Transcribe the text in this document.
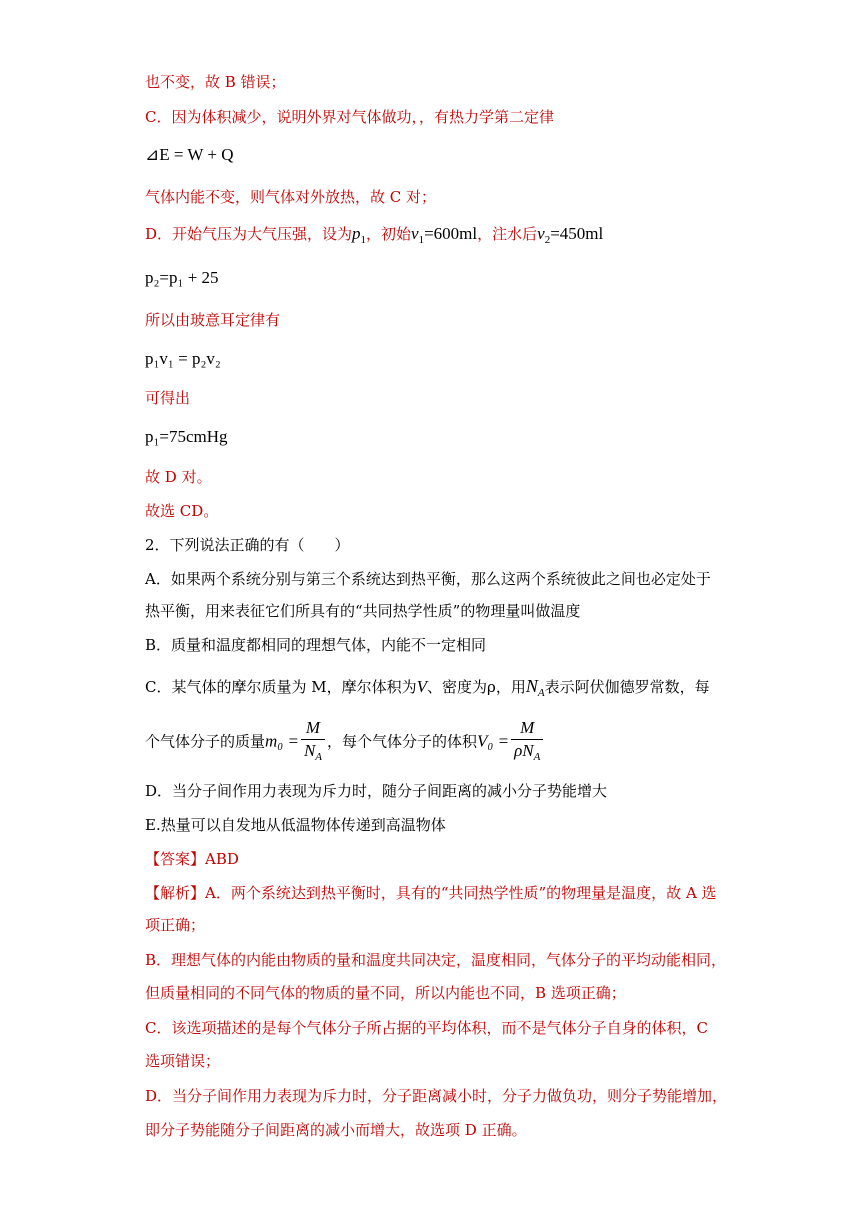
也不变，故 B 错误；
C．因为体积减少，说明外界对气体做功，，有热力学第二定律
⊿E = W + Q
气体内能不变，则气体对外放热，故 C 对；
D．开始气压为大气压强，设为$p_1$，初始$v_1=600ml$，注水后$v_2=450ml$
p₂=p₁ + 25
所以由玻意耳定律有
p₁v₁ = p₂v₂
可得出
p₁=75cmHg
故 D 对。
故选 CD。
2．下列说法正确的有（　　）
A．如果两个系统分别与第三个系统达到热平衡，那么这两个系统彼此之间也必定处于
热平衡，用来表征它们所具有的“共同热学性质”的物理量叫做温度
B．质量和温度都相同的理想气体，内能不一定相同
C．某气体的摩尔质量为 M，摩尔体积为V、密度为ρ，用$N_A$表示阿伏伽德罗常数，每
个气体分子的质量$m_0 = \frac{M}{N_A}$ ，每个气体分子的体积$V_0 = \frac{M}{\rho N_A}$
D．当分子间作用力表现为斥力时，随分子间距离的减小分子势能增大
E.热量可以自发地从低温物体传递到高温物体
【答案】ABD
【解析】A．两个系统达到热平衡时，具有的“共同热学性质”的物理量是温度，故 A 选
项正确；
B．理想气体的内能由物质的量和温度共同决定，温度相同，气体分子的平均动能相同，
但质量相同的不同气体的物质的量不同，所以内能也不同，B 选项正确；
C．该选项描述的是每个气体分子所占据的平均体积，而不是气体分子自身的体积，C
选项错误；
D．当分子间作用力表现为斥力时，分子距离减小时，分子力做负功，则分子势能增加，
即分子势能随分子间距离的减小而增大，故选项 D 正确。
